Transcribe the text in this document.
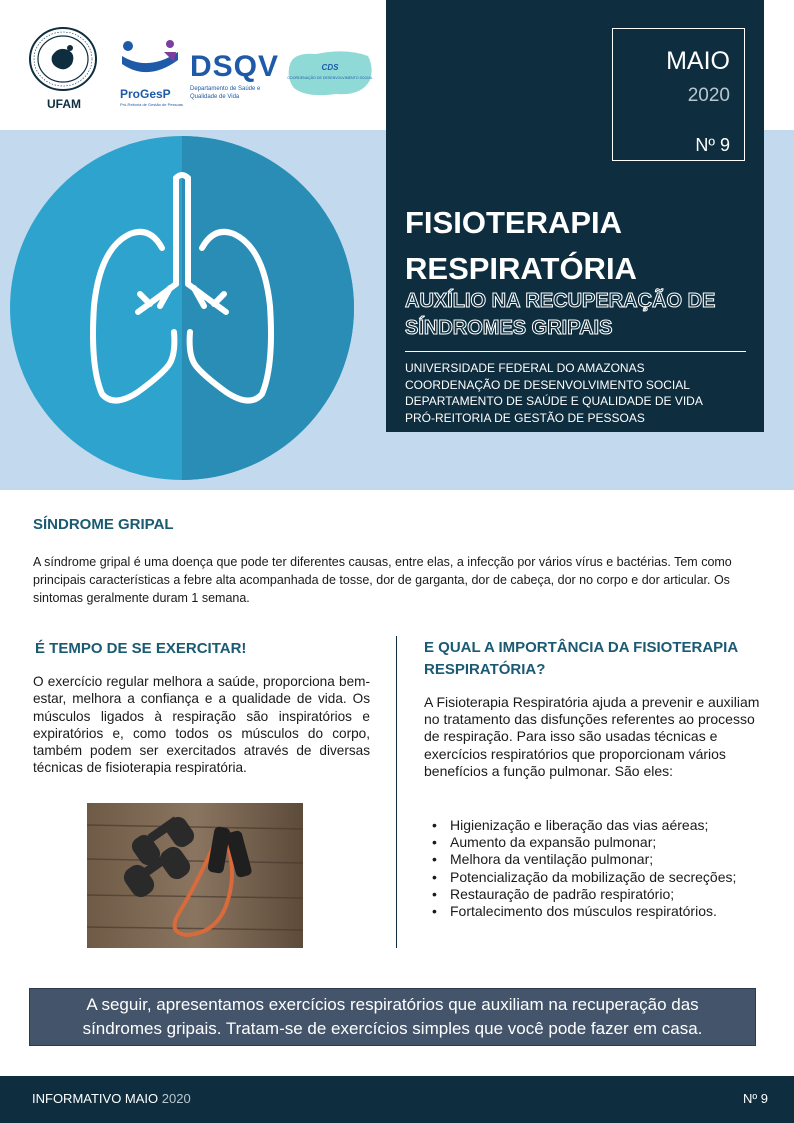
UFAM
ProGesP
Pró-Reitoria de Gestão de Pessoas
DSQV
Departamento de Saúde e
Qualidade de Vida
CDS
COORDENAÇÃO DE DESENVOLVIMENTO SOCIAL
MAIO
2020
Nº 9
FISIOTERAPIA
RESPIRATÓRIA
AUXÍLIO NA RECUPERAÇÃO DE
SÍNDROMES GRIPAIS
UNIVERSIDADE FEDERAL DO AMAZONAS
COORDENAÇÃO DE DESENVOLVIMENTO SOCIAL
DEPARTAMENTO DE SAÚDE E QUALIDADE DE VIDA
PRÓ-REITORIA DE GESTÃO DE PESSOAS
SÍNDROME GRIPAL
A síndrome gripal é uma doença que pode ter diferentes causas, entre elas, a infecção por vários vírus e bactérias. Tem como principais características a febre alta acompanhada de tosse, dor de garganta, dor de cabeça, dor no corpo e dor articular. Os sintomas geralmente duram 1 semana.
É TEMPO DE SE EXERCITAR!
O exercício regular melhora a saúde, proporciona bem-estar, melhora a confiança e a qualidade de vida. Os músculos ligados à respiração são inspiratórios e expiratórios e, como todos os músculos do corpo, também podem ser exercitados através de diversas técnicas de fisioterapia respiratória.
E QUAL A IMPORTÂNCIA DA FISIOTERAPIA RESPIRATÓRIA?
A Fisioterapia Respiratória ajuda a prevenir e auxiliam no tratamento das disfunções referentes ao processo de respiração. Para isso são usadas técnicas e exercícios respiratórios que proporcionam vários benefícios a função pulmonar. São eles:
• Higienização e liberação das vias aéreas;
• Aumento da expansão pulmonar;
• Melhora da ventilação pulmonar;
• Potencialização da mobilização de secreções;
• Restauração de padrão respiratório;
• Fortalecimento dos músculos respiratórios.
A seguir, apresentamos exercícios respiratórios que auxiliam na recuperação das
síndromes gripais. Tratam-se de exercícios simples que você pode fazer em casa.
INFORMATIVO MAIO 2020	Nº 9
